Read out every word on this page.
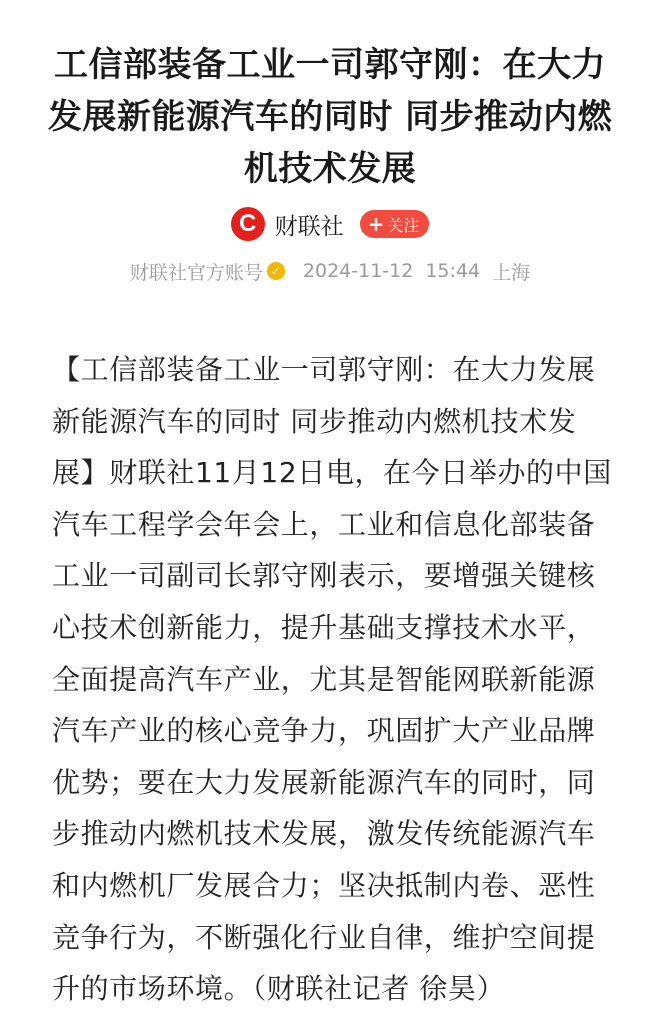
工信部装备工业一司郭守刚：在大力发展新能源汽车的同时 同步推动内燃机技术发展
C 财联社 + 关注
财联社官方账号 ✓ 2024-11-12 15:44 上海

【工信部装备工业一司郭守刚：在大力发展新能源汽车的同时 同步推动内燃机技术发展】财联社11月12日电，在今日举办的中国汽车工程学会年会上，工业和信息化部装备工业一司副司长郭守刚表示，要增强关键核心技术创新能力，提升基础支撑技术水平，全面提高汽车产业，尤其是智能网联新能源汽车产业的核心竞争力，巩固扩大产业品牌优势；要在大力发展新能源汽车的同时，同步推动内燃机技术发展，激发传统能源汽车和内燃机厂发展合力；坚决抵制内卷、恶性竞争行为，不断强化行业自律，维护空间提升的市场环境。（财联社记者 徐昊）
